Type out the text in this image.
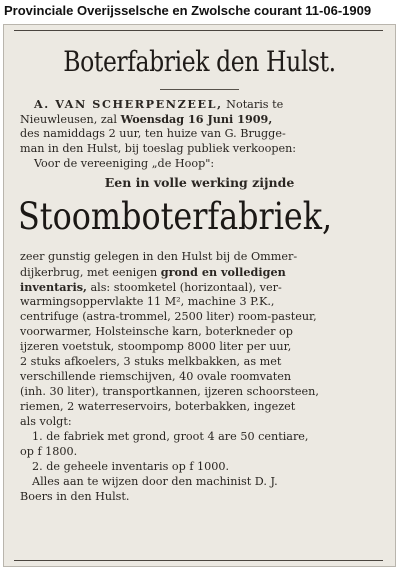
Provinciale Overijsselsche en Zwolsche courant 11-06-1909
Boterfabriek den Hulst.
A. VAN SCHERPENZEEL, Notaris te
Nieuwleusen, zal Woensdag 16 Juni 1909,
des namiddags 2 uur, ten huize van G. Brugge-
man in den Hulst, bij toeslag publiek verkoopen:
Voor de vereeniging „de Hoop":
Een in volle werking zijnde
Stoomboterfabriek,
zeer gunstig gelegen in den Hulst bij de Ommer-
dijkerbrug, met eenigen grond en volledigen
inventaris, als: stoomketel (horizontaal), ver-
warmingsoppervlakte 11 M², machine 3 P.K.,
centrifuge (astra-trommel, 2500 liter) room-pasteur,
voorwarmer, Holsteinsche karn, boterkneder op
ijzeren voetstuk, stoompomp 8000 liter per uur,
2 stuks afkoelers, 3 stuks melkbakken, as met
verschillende riemschijven, 40 ovale roomvaten
(inh. 30 liter), transportkannen, ijzeren schoorsteen,
riemen, 2 waterreservoirs, boterbakken, ingezet
als volgt:
1. de fabriek met grond, groot 4 are 50 centiare,
op f 1800.
2. de geheele inventaris op f 1000.
Alles aan te wijzen door den machinist D. J.
Boers in den Hulst.
